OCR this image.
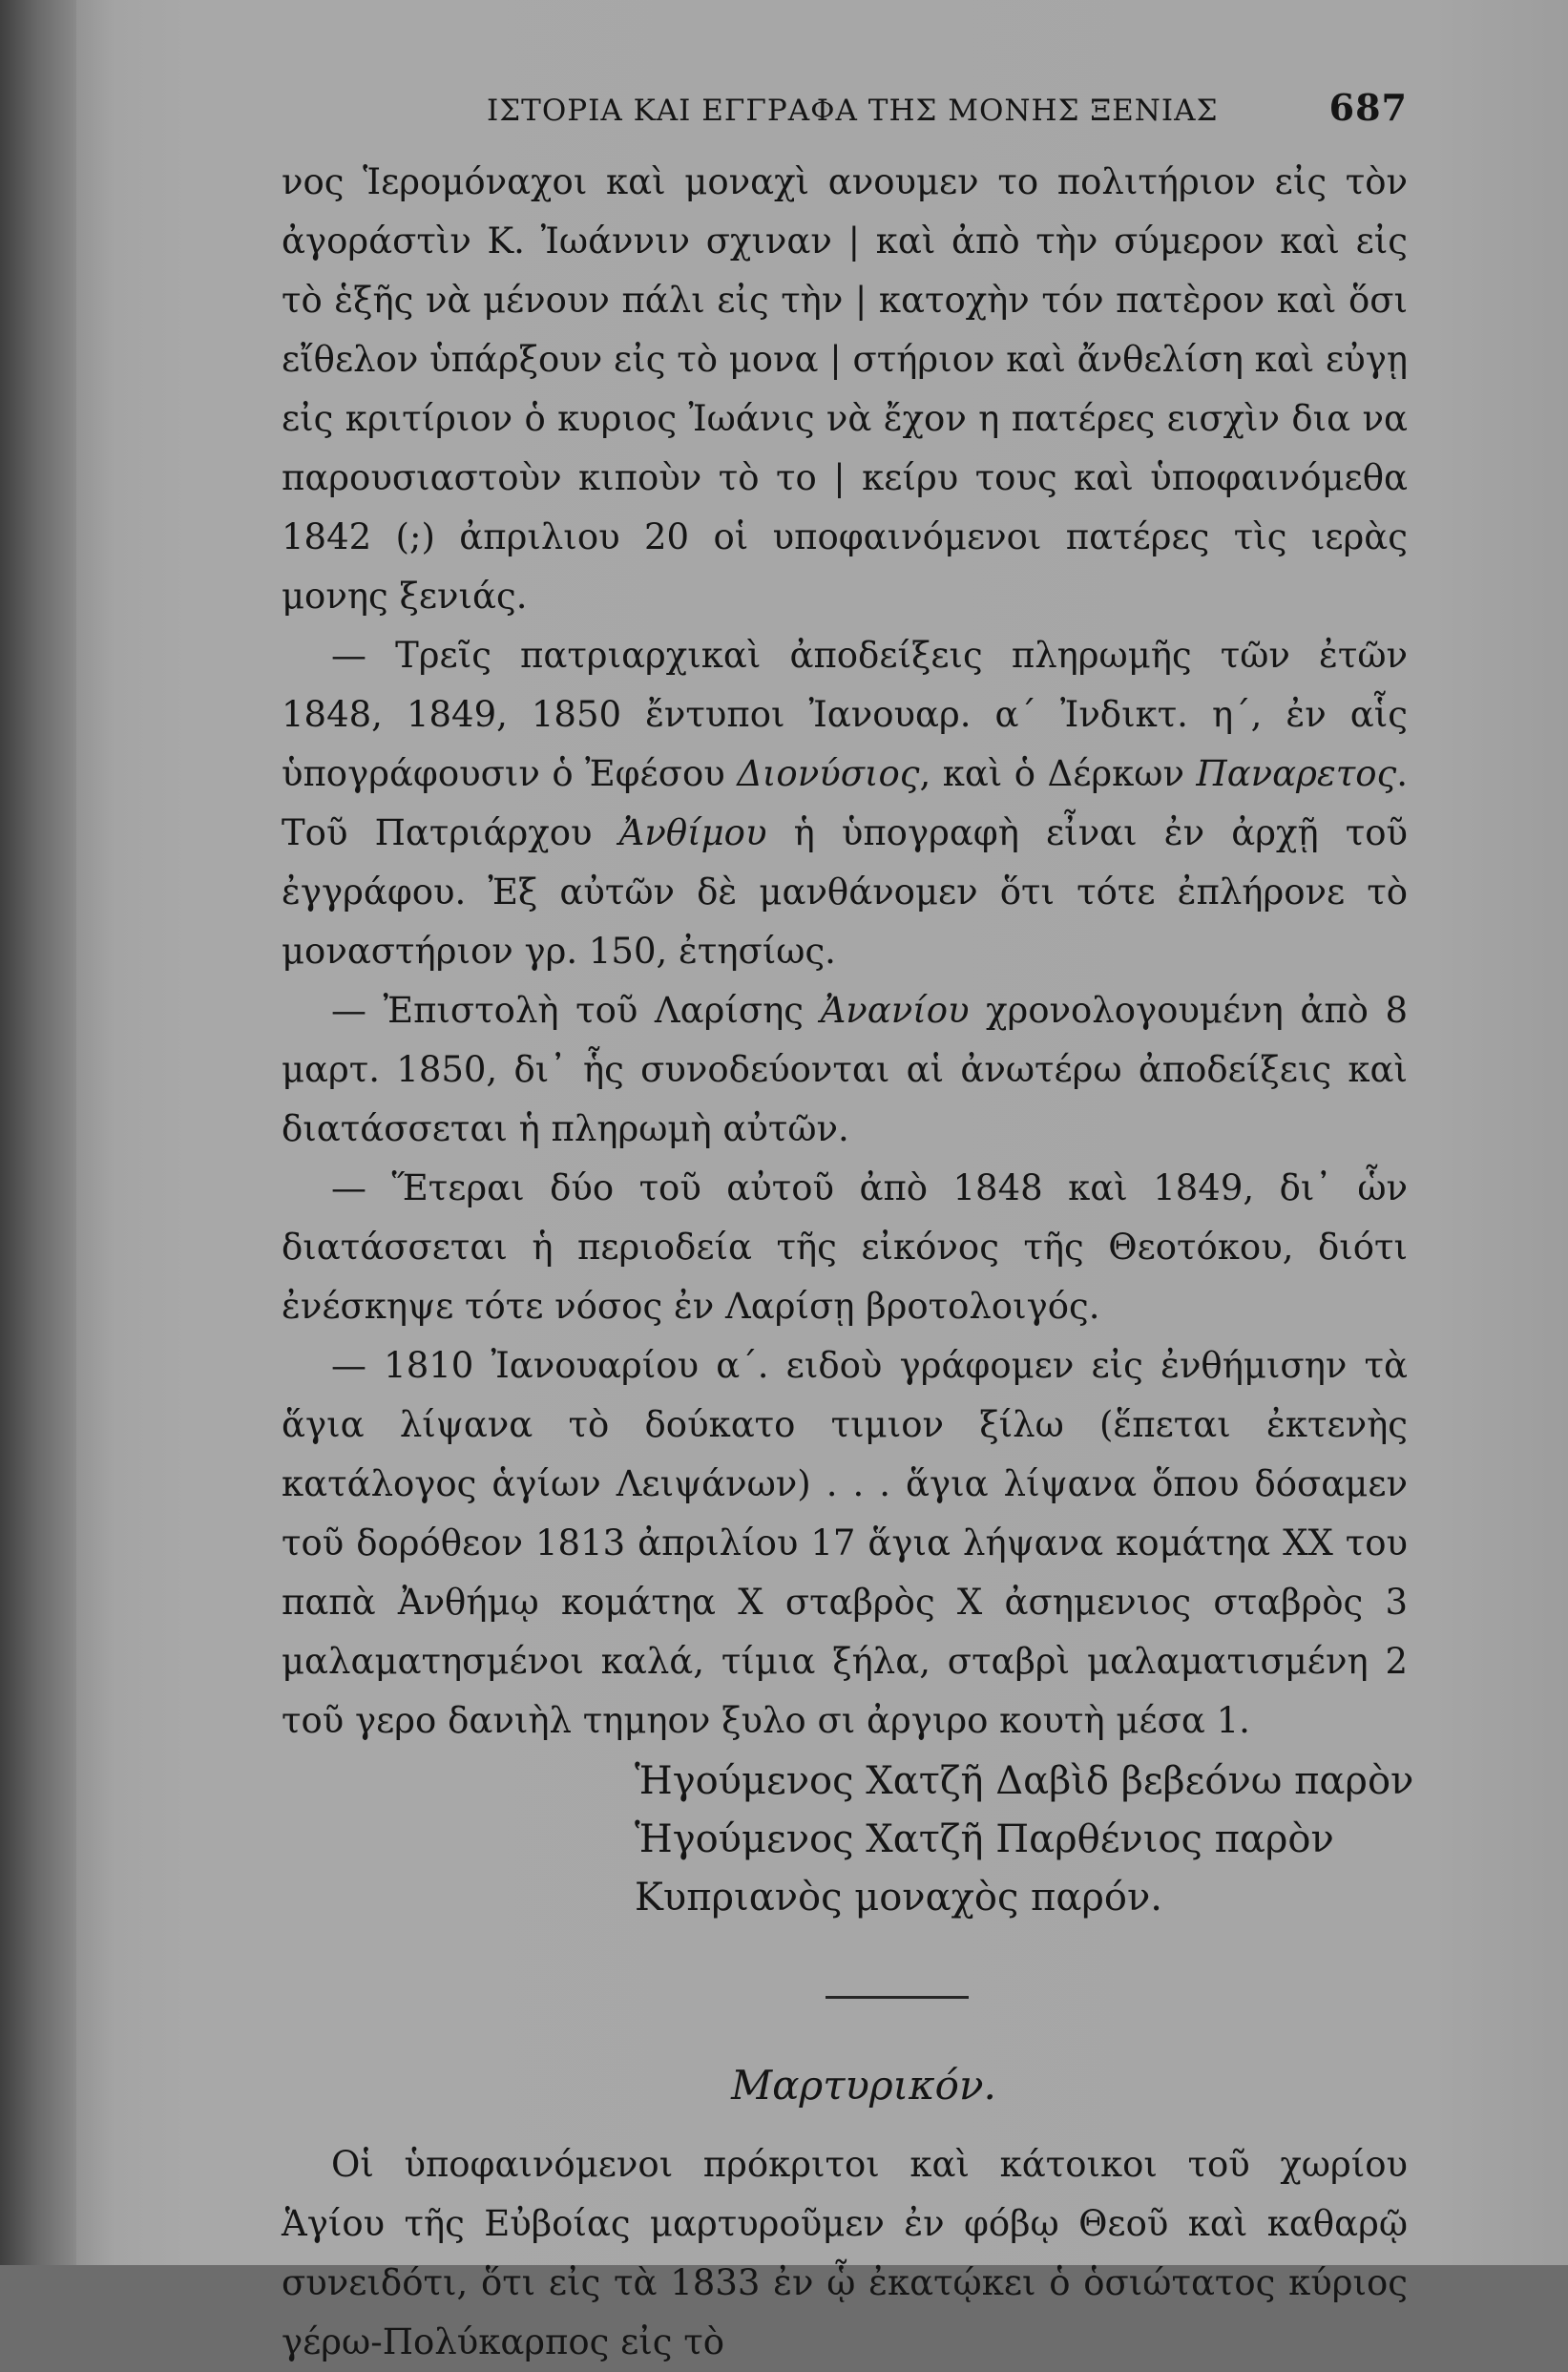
ΙΣΤΟΡΙΑ ΚΑΙ ΕΓΓΡΑΦΑ ΤΗΣ ΜΟΝΗΣ ΞΕΝΙΑΣ	687

νος Ἱερομόναχοι καὶ μοναχὶ ανουμεν το πολιτήριον εἰς τὸν ἀγοράστὶν Κ. Ἰωάννιν σχιναν | καὶ ἀπὸ τὴν σύμερον καὶ εἰς τὸ ἑξῆς νὰ μένουν πάλι εἰς τὴν | κατοχὴν τόν πατὲρον καὶ ὅσι εἴθελον ὑπάρξουν εἰς τὸ μονα | στήριον καὶ ἄνθελίση καὶ εὐγῃ εἰς κριτίριον ὁ κυριος Ἰωάνις νὰ ἔχον η πατέρες εισχὶν δια να παρουσιαστοὺν κιποὺν τὸ το | κείρυ τους καὶ ὑποφαινόμεθα 1842 (;) ἀπριλιου 20 οἱ υποφαινόμενοι πατέρες τὶς ιερὰς μονης ξενιάς.

— Τρεῖς πατριαρχικαὶ ἀποδείξεις πληρωμῆς τῶν ἐτῶν 1848, 1849, 1850 ἔντυποι Ἰανουαρ. α΄ Ἰνδικτ. η΄, ἐν αἷς ὑπογράφουσιν ὁ Ἐφέσου Διονύσιος, καὶ ὁ Δέρκων Παναρετος. Τοῦ Πατριάρχου Ἀνθίμου ἡ ὑπογραφὴ εἶναι ἐν ἀρχῇ τοῦ ἐγγράφου. Ἐξ αὐτῶν δὲ μανθάνομεν ὅτι τότε ἐπλήρονε τὸ μοναστήριον γρ. 150, ἐτησίως.

— Ἐπιστολὴ τοῦ Λαρίσης Ἀνανίου χρονολογουμένη ἀπὸ 8 μαρτ. 1850, δι᾿ ἧς συνοδεύονται αἱ ἀνωτέρω ἀποδείξεις καὶ διατάσσεται ἡ πληρωμὴ αὐτῶν.

— Ἕτεραι δύο τοῦ αὐτοῦ ἀπὸ 1848 καὶ 1849, δι᾿ ὧν διατάσσεται ἡ περιοδεία τῆς εἰκόνος τῆς Θεοτόκου, διότι ἐνέσκηψε τότε νόσος ἐν Λαρίσῃ βροτολοιγός.

— 1810 Ἰανουαρίου α΄. ειδοὺ γράφομεν εἰς ἐνθήμισην τὰ ἅγια λίψανα τὸ δούκατο τιμιον ξίλω (ἕπεται ἐκτενὴς κατάλογος ἁγίων Λειψάνων) . . . ἅγια λίψανα ὅπου δόσαμεν τοῦ δορόθεον 1813 ἀπριλίου 17 ἅγια λήψανα κομάτηα XX του παπὰ Ἀνθήμῳ κομάτηα X σταβρὸς X ἀσημενιος σταβρὸς 3 μαλαματησμένοι καλά, τίμια ξήλα, σταβρὶ μαλαματισμένη 2 τοῦ γερο δανιὴλ τημηον ξυλο σι ἀργιρο κουτὴ μέσα 1.

Ἡγούμενος Χατζῆ Δαβὶδ βεβεόνω παρὸν
Ἡγούμενος Χατζῆ Παρθένιος παρὸν
Κυπριανὸς μοναχὸς παρόν.
Μαρτυρικόν.

Οἱ ὑποφαινόμενοι πρόκριτοι καὶ κάτοικοι τοῦ χωρίου Ἁγίου τῆς Εὐβοίας μαρτυροῦμεν ἐν φόβῳ Θεοῦ καὶ καθαρῷ συνειδότι, ὅτι εἰς τὰ 1833 ἐν ᾧ ἐκατῴκει ὁ ὁσιώτατος κύριος γέρω-Πολύκαρπος εἰς τὸ
